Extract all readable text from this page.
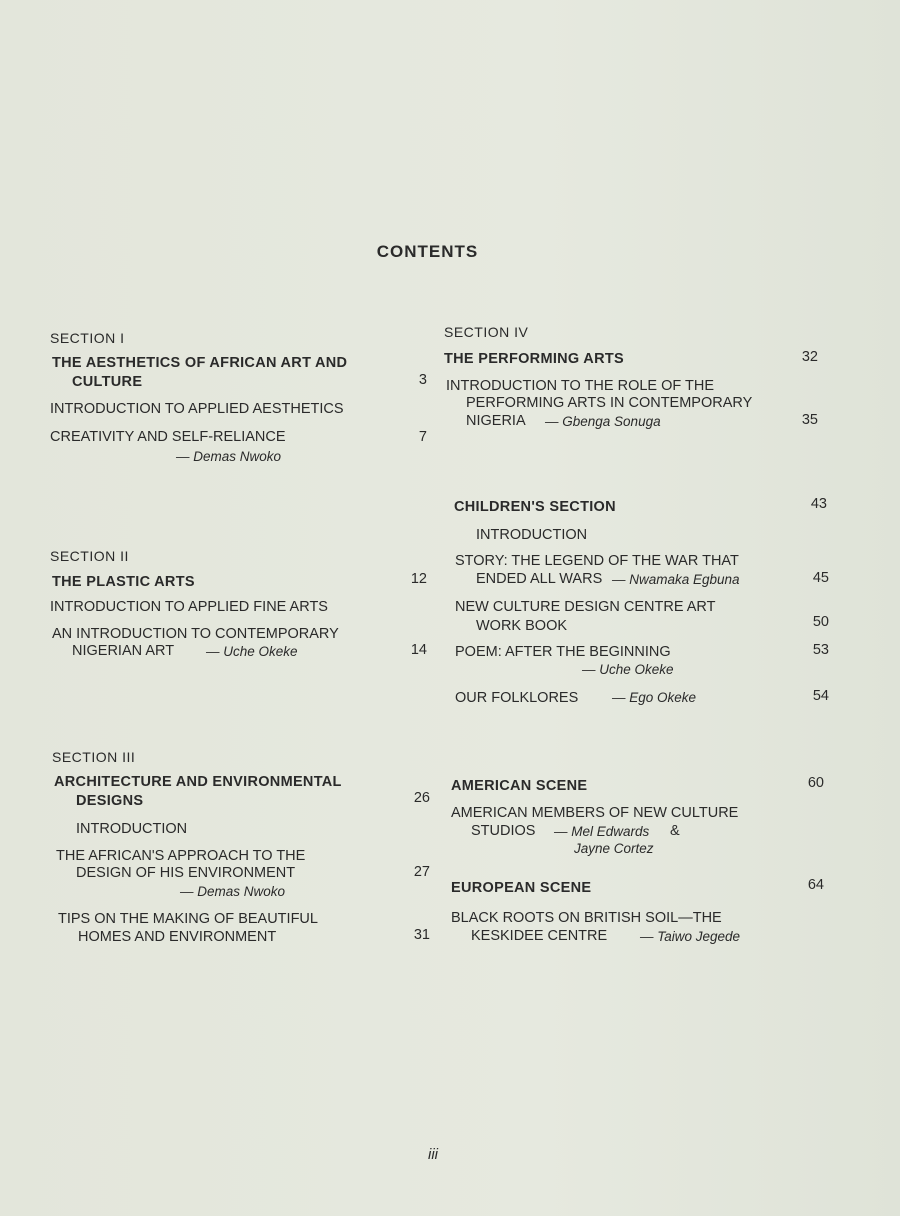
CONTENTS
SECTION I
THE AESTHETICS OF AFRICAN ART AND
CULTURE	3
INTRODUCTION TO APPLIED AESTHETICS
CREATIVITY AND SELF-RELIANCE	7
— Demas Nwoko
SECTION II
THE PLASTIC ARTS	12
INTRODUCTION TO APPLIED FINE ARTS
AN INTRODUCTION TO CONTEMPORARY
NIGERIAN ART — Uche Okeke	14
SECTION III
ARCHITECTURE AND ENVIRONMENTAL
DESIGNS	26
INTRODUCTION
THE AFRICAN'S APPROACH TO THE
DESIGN OF HIS ENVIRONMENT	27
— Demas Nwoko
TIPS ON THE MAKING OF BEAUTIFUL
HOMES AND ENVIRONMENT	31
SECTION IV
THE PERFORMING ARTS	32
INTRODUCTION TO THE ROLE OF THE
PERFORMING ARTS IN CONTEMPORARY
NIGERIA — Gbenga Sonuga	35
CHILDREN'S SECTION	43
INTRODUCTION
STORY: THE LEGEND OF THE WAR THAT
ENDED ALL WARS — Nwamaka Egbuna	45
NEW CULTURE DESIGN CENTRE ART
WORK BOOK	50
POEM: AFTER THE BEGINNING	53
— Uche Okeke
OUR FOLKLORES — Ego Okeke	54
AMERICAN SCENE	60
AMERICAN MEMBERS OF NEW CULTURE
STUDIOS — Mel Edwards &
Jayne Cortez
EUROPEAN SCENE	64
BLACK ROOTS ON BRITISH SOIL—THE
KESKIDEE CENTRE — Taiwo Jegede
iii
